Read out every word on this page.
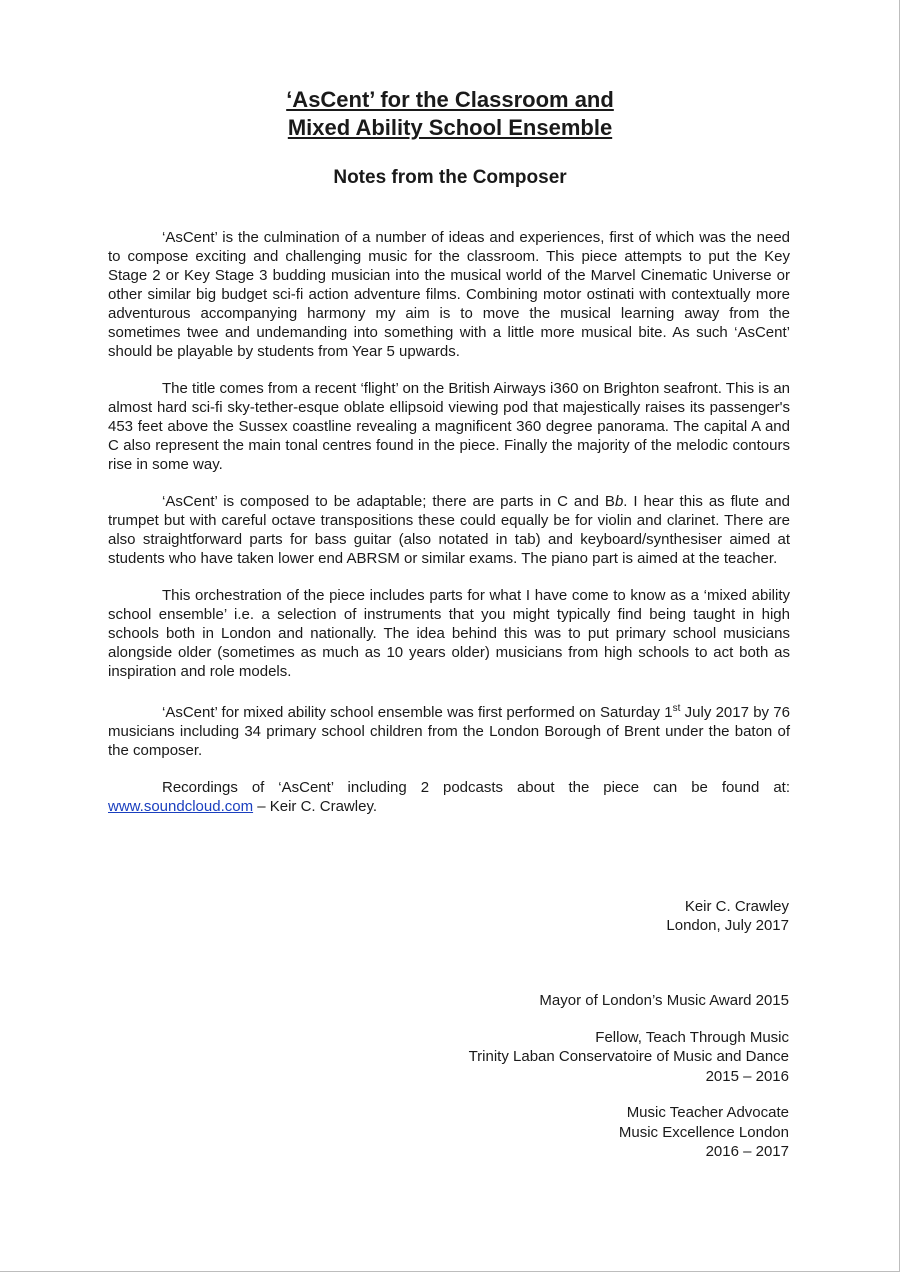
‘AsCent’ for the Classroom and
Mixed Ability School Ensemble
Notes from the Composer

‘AsCent’ is the culmination of a number of ideas and experiences, first of which was the need to compose exciting and challenging music for the classroom. This piece attempts to put the Key Stage 2 or Key Stage 3 budding musician into the musical world of the Marvel Cinematic Universe or other similar big budget sci-fi action adventure films. Combining motor ostinati with contextually more adventurous accompanying harmony my aim is to move the musical learning away from the sometimes twee and undemanding into something with a little more musical bite. As such ‘AsCent’ should be playable by students from Year 5 upwards.

The title comes from a recent ‘flight’ on the British Airways i360 on Brighton seafront. This is an almost hard sci-fi sky-tether-esque oblate ellipsoid viewing pod that majestically raises its passenger's 453 feet above the Sussex coastline revealing a magnificent 360 degree panorama. The capital A and C also represent the main tonal centres found in the piece. Finally the majority of the melodic contours rise in some way.

‘AsCent’ is composed to be adaptable; there are parts in C and Bb. I hear this as flute and trumpet but with careful octave transpositions these could equally be for violin and clarinet. There are also straightforward parts for bass guitar (also notated in tab) and keyboard/synthesiser aimed at students who have taken lower end ABRSM or similar exams. The piano part is aimed at the teacher.

This orchestration of the piece includes parts for what I have come to know as a ‘mixed ability school ensemble’ i.e. a selection of instruments that you might typically find being taught in high schools both in London and nationally. The idea behind this was to put primary school musicians alongside older (sometimes as much as 10 years older) musicians from high schools to act both as inspiration and role models.

‘AsCent’ for mixed ability school ensemble was first performed on Saturday 1st July 2017 by 76 musicians including 34 primary school children from the London Borough of Brent under the baton of the composer.

Recordings of ‘AsCent’ including 2 podcasts about the piece can be found at: www.soundcloud.com – Keir C. Crawley.

Keir C. Crawley
London, July 2017
Mayor of London’s Music Award 2015
Fellow, Teach Through Music
Trinity Laban Conservatoire of Music and Dance
2015 – 2016
Music Teacher Advocate
Music Excellence London
2016 – 2017
